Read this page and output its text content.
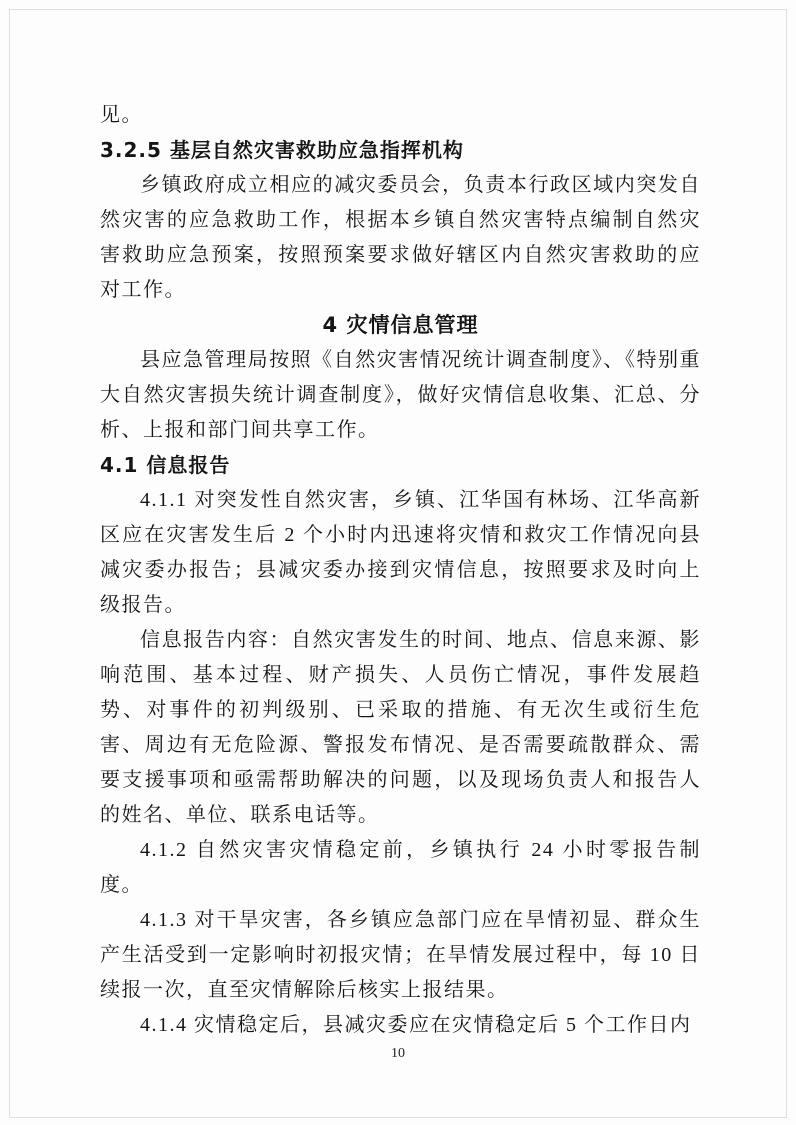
见。

3.2.5 基层自然灾害救助应急指挥机构

乡镇政府成立相应的减灾委员会，负责本行政区域内突发自然灾害的应急救助工作，根据本乡镇自然灾害特点编制自然灾害救助应急预案，按照预案要求做好辖区内自然灾害救助的应对工作。

4 灾情信息管理

县应急管理局按照《自然灾害情况统计调查制度》、《特别重大自然灾害损失统计调查制度》，做好灾情信息收集、汇总、分析、上报和部门间共享工作。

4.1 信息报告

4.1.1 对突发性自然灾害，乡镇、江华国有林场、江华高新区应在灾害发生后 2 个小时内迅速将灾情和救灾工作情况向县减灾委办报告；县减灾委办接到灾情信息，按照要求及时向上级报告。

信息报告内容：自然灾害发生的时间、地点、信息来源、影响范围、基本过程、财产损失、人员伤亡情况，事件发展趋势、对事件的初判级别、已采取的措施、有无次生或衍生危害、周边有无危险源、警报发布情况、是否需要疏散群众、需要支援事项和亟需帮助解决的问题，以及现场负责人和报告人的姓名、单位、联系电话等。

4.1.2 自然灾害灾情稳定前，乡镇执行 24 小时零报告制度。

4.1.3 对干旱灾害，各乡镇应急部门应在旱情初显、群众生产生活受到一定影响时初报灾情；在旱情发展过程中，每 10 日续报一次，直至灾情解除后核实上报结果。

4.1.4 灾情稳定后，县减灾委应在灾情稳定后 5 个工作日内

10
